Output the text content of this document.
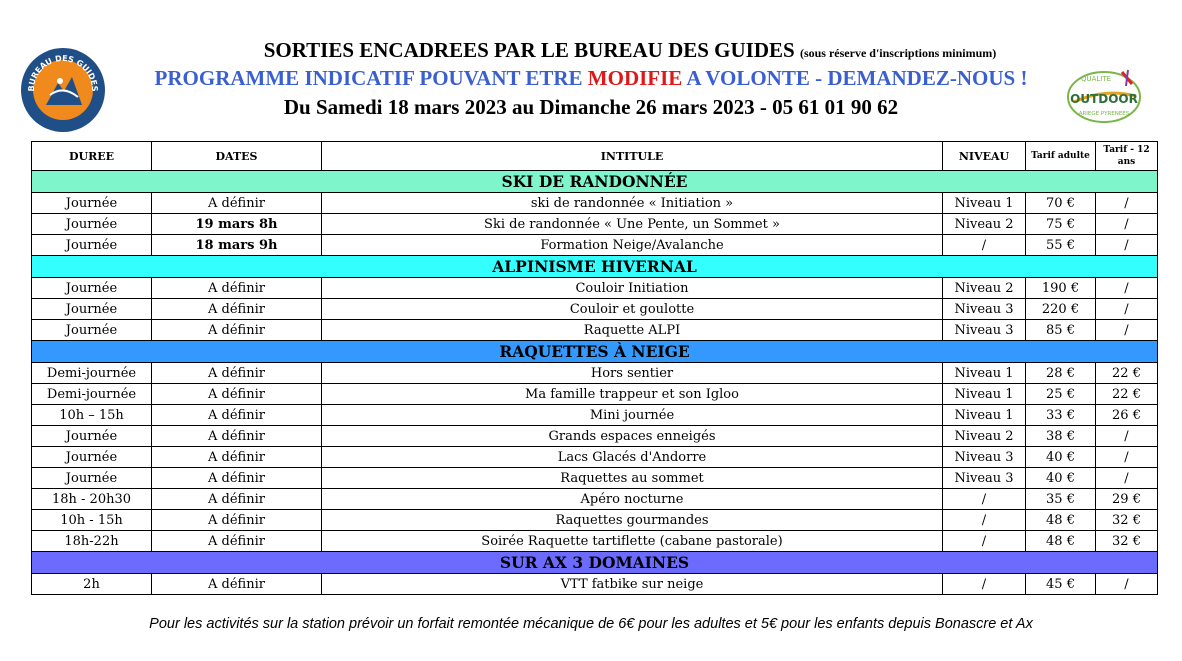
SORTIES ENCADREES PAR LE BUREAU DES GUIDES (sous réserve d'inscriptions minimum)
PROGRAMME INDICATIF POUVANT ETRE MODIFIE A VOLONTE - DEMANDEZ-NOUS !
Du Samedi 18 mars 2023 au Dimanche 26 mars 2023 - 05 61 01 90 62
BUREAU DES GUIDES
QUALITE
OUTDOOR
ARIEGE PYRENEES
DUREE	DATES	INTITULE	NIVEAU	Tarif adulte	Tarif - 12 ans
SKI DE RANDONNÉE					
Journée	A définir	ski de randonnée « Initiation »	Niveau 1	70 €	/
Journée	19 mars 8h	Ski de randonnée « Une Pente, un Sommet »	Niveau 2	75 €	/
Journée	18 mars 9h	Formation Neige/Avalanche	/	55 €	/
ALPINISME HIVERNAL					
Journée	A définir	Couloir Initiation	Niveau 2	190 €	/
Journée	A définir	Couloir et goulotte	Niveau 3	220 €	/
Journée	A définir	Raquette ALPI	Niveau 3	85 €	/
RAQUETTES À NEIGE					
Demi-journée	A définir	Hors sentier	Niveau 1	28 €	22 €
Demi-journée	A définir	Ma famille trappeur et son Igloo	Niveau 1	25 €	22 €
10h – 15h	A définir	Mini journée	Niveau 1	33 €	26 €
Journée	A définir	Grands espaces enneigés	Niveau 2	38 €	/
Journée	A définir	Lacs Glacés d'Andorre	Niveau 3	40 €	/
Journée	A définir	Raquettes au sommet	Niveau 3	40 €	/
18h - 20h30	A définir	Apéro nocturne	/	35 €	29 €
10h - 15h	A définir	Raquettes gourmandes	/	48 €	32 €
18h-22h	A définir	Soirée Raquette tartiflette (cabane pastorale)	/	48 €	32 €
SUR AX 3 DOMAINES					
2h	A définir	VTT fatbike sur neige	/	45 €	/
Pour les activités sur la station prévoir un forfait remontée mécanique de 6€ pour les adultes et 5€ pour les enfants depuis Bonascre et Ax
